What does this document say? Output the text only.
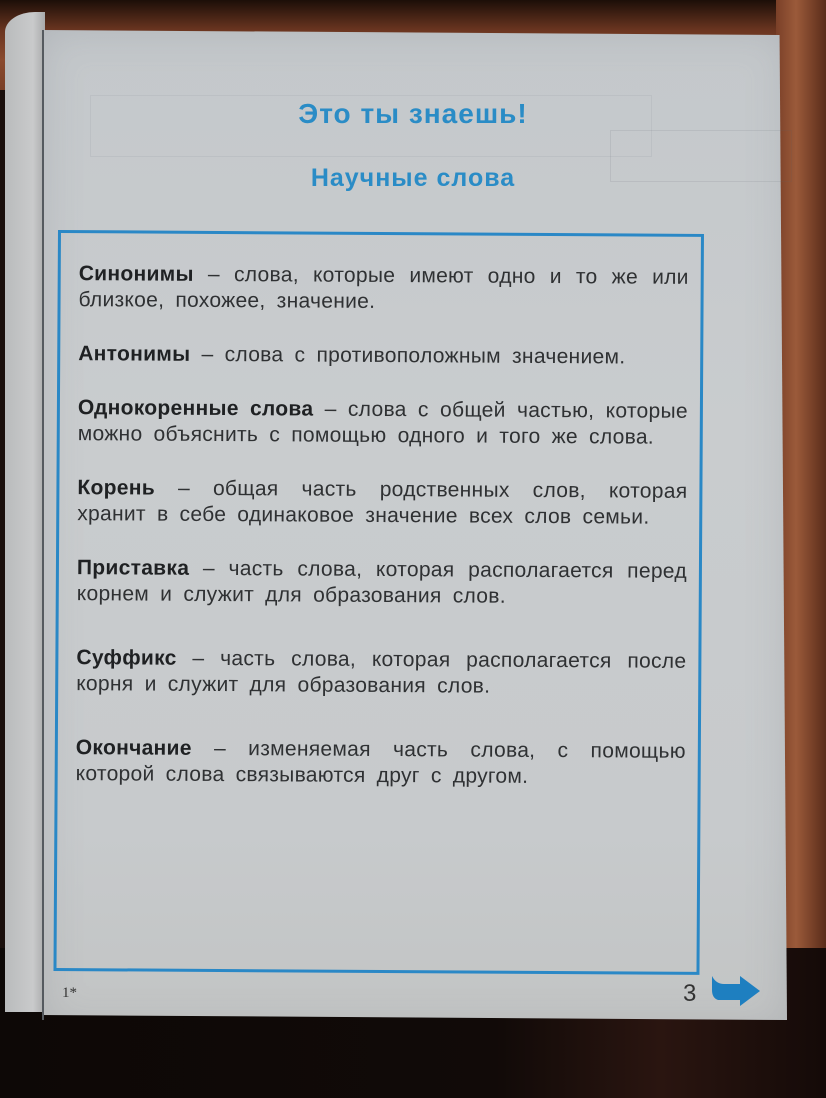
Это ты знаешь!
Научные слова

Синонимы – слова, которые имеют одно и то же или близкое, похожее, значение.

Антонимы – слова с противоположным значением.

Однокоренные слова – слова с общей частью, которые можно объяснить с помощью одного и того же слова.

Корень – общая часть родственных слов, которая хранит в себе одинаковое значение всех слов семьи.

Приставка – часть слова, которая располагается перед корнем и служит для образования слов.

Суффикс – часть слова, которая располагается после корня и служит для образования слов.

Окончание – изменяемая часть слова, с помощью которой слова связываются друг с другом.

1*	3
